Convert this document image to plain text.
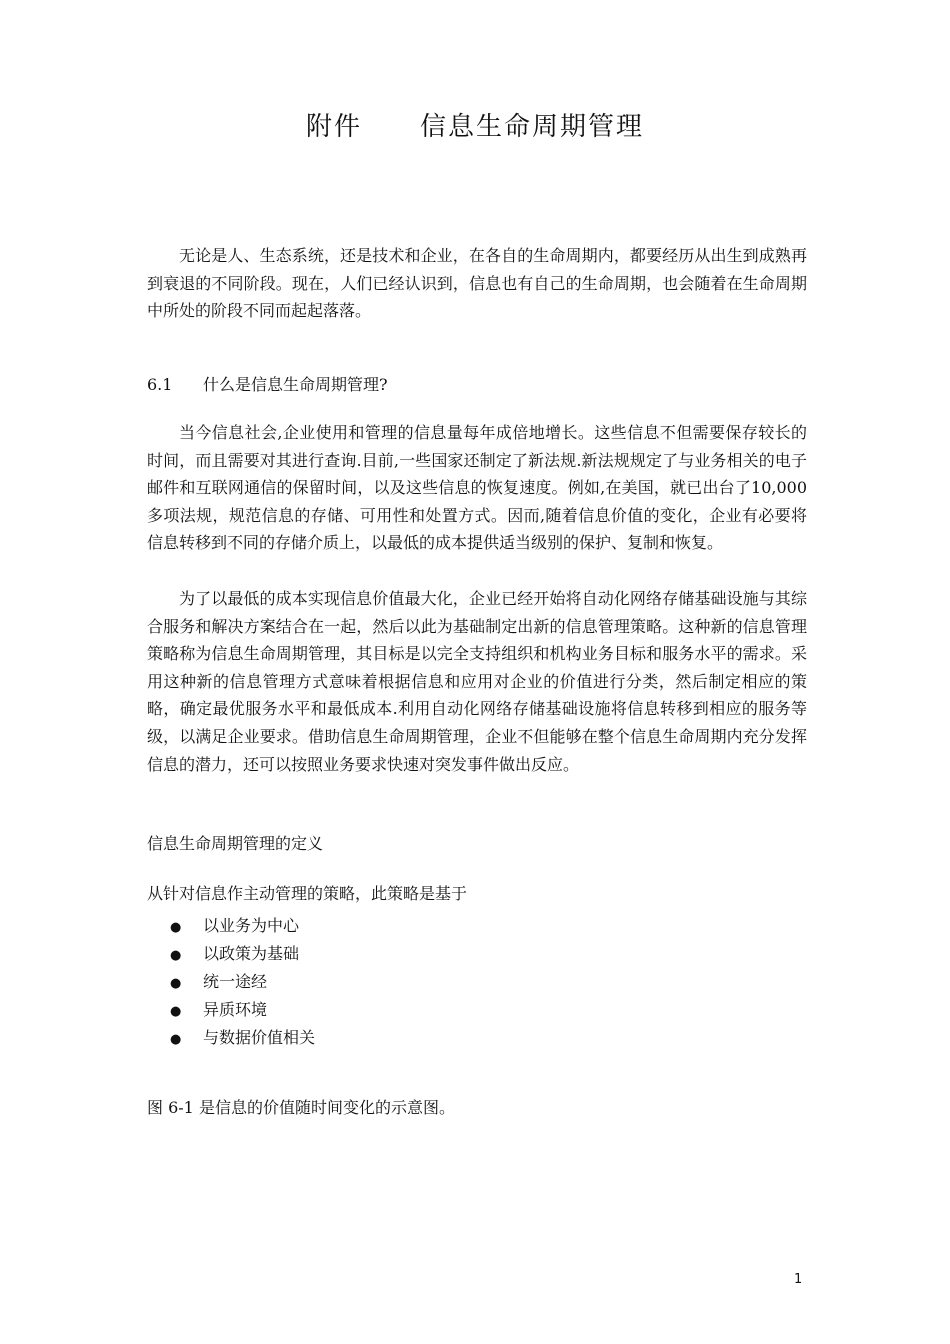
附件 信息生命周期管理

无论是人、生态系统，还是技术和企业，在各自的生命周期内，都要经历从出生到成熟再到衰退的不同阶段。现在，人们已经认识到，信息也有自己的生命周期，也会随着在生命周期中所处的阶段不同而起起落落。

6.1 什么是信息生命周期管理?

当今信息社会,企业使用和管理的信息量每年成倍地增长。这些信息不但需要保存较长的时间，而且需要对其进行查询.目前,一些国家还制定了新法规.新法规规定了与业务相关的电子邮件和互联网通信的保留时间，以及这些信息的恢复速度。例如,在美国，就已出台了10,000多项法规，规范信息的存储、可用性和处置方式。因而,随着信息价值的变化，企业有必要将信息转移到不同的存储介质上，以最低的成本提供适当级别的保护、复制和恢复。

为了以最低的成本实现信息价值最大化，企业已经开始将自动化网络存储基础设施与其综合服务和解决方案结合在一起，然后以此为基础制定出新的信息管理策略。这种新的信息管理策略称为信息生命周期管理，其目标是以完全支持组织和机构业务目标和服务水平的需求。采用这种新的信息管理方式意味着根据信息和应用对企业的价值进行分类，然后制定相应的策略，确定最优服务水平和最低成本.利用自动化网络存储基础设施将信息转移到相应的服务等级，以满足企业要求。借助信息生命周期管理，企业不但能够在整个信息生命周期内充分发挥信息的潜力，还可以按照业务要求快速对突发事件做出反应。

信息生命周期管理的定义
从针对信息作主动管理的策略，此策略是基于
● 以业务为中心
● 以政策为基础
● 统一途经
● 异质环境
● 与数据价值相关
图 6-1 是信息的价值随时间变化的示意图。
1
